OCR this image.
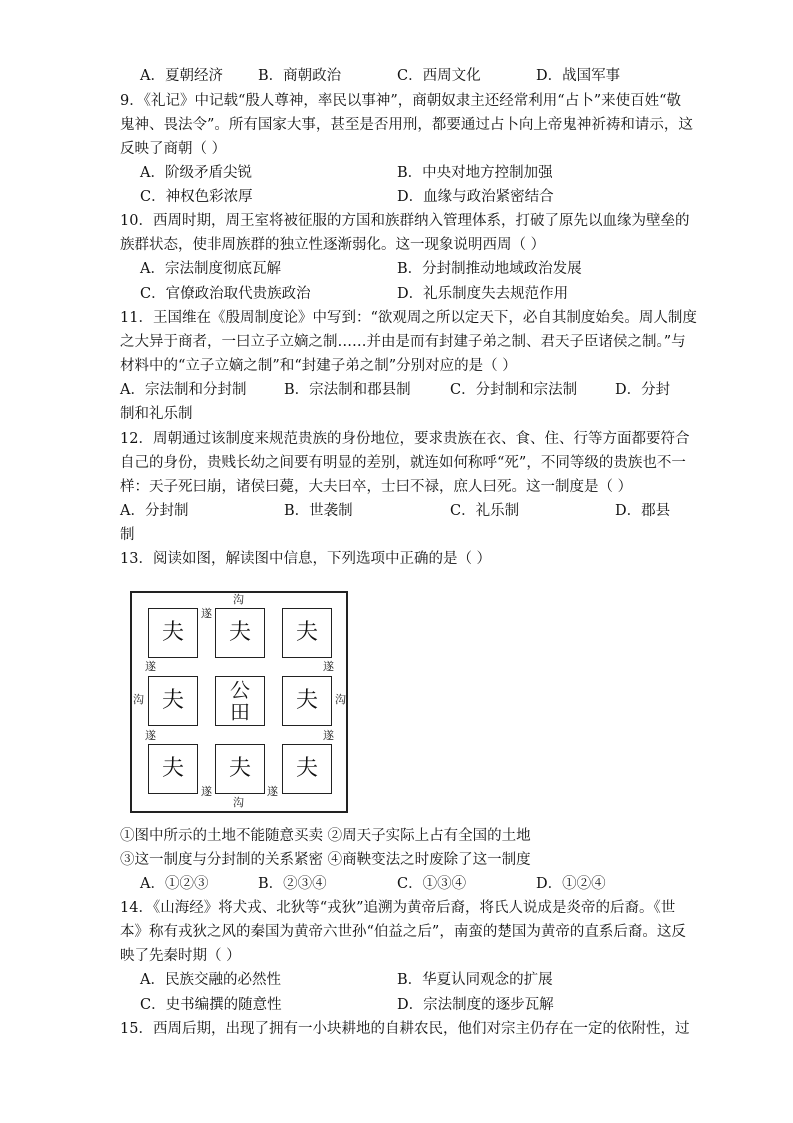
A．夏朝经济 B．商朝政治	C．西周文化	D．战国军事
9．《礼记》中记载“殷人尊神，率民以事神”，商朝奴隶主还经常利用“占卜”来使百姓“敬
鬼神、畏法令”。所有国家大事，甚至是否用刑，都要通过占卜向上帝鬼神祈祷和请示，这
反映了商朝（ ）
A．阶级矛盾尖锐	B．中央对地方控制加强
C．神权色彩浓厚	D．血缘与政治紧密结合
10．西周时期，周王室将被征服的方国和族群纳入管理体系，打破了原先以血缘为壁垒的
族群状态，使非周族群的独立性逐渐弱化。这一现象说明西周（ ）
A．宗法制度彻底瓦解	B．分封制推动地域政治发展
C．官僚政治取代贵族政治	D．礼乐制度失去规范作用
11．王国维在《殷周制度论》中写到：“欲观周之所以定天下，必自其制度始矣。周人制度
之大异于商者，一曰立子立嫡之制……并由是而有封建子弟之制、君天子臣诸侯之制。”与
材料中的“立子立嫡之制”和“封建子弟之制”分别对应的是（ ）
A．宗法制和分封制	B．宗法制和郡县制	C．分封制和宗法制	D．分封
制和礼乐制
12．周朝通过该制度来规范贵族的身份地位，要求贵族在衣、食、住、行等方面都要符合
自己的身份，贵贱长幼之间要有明显的差别，就连如何称呼“死”，不同等级的贵族也不一
样：天子死曰崩，诸侯曰薨，大夫曰卒，士曰不禄，庶人曰死。这一制度是（ ）
A．分封制	B．世袭制	C．礼乐制	D．郡县
制
13．阅读如图，解读图中信息，下列选项中正确的是（ ）
夫	夫	夫
夫	公
田	夫
夫	夫	夫
沟
沟
沟	沟
遂
遂	遂
遂	遂
遂	遂
①图中所示的土地不能随意买卖 ②周天子实际上占有全国的土地
③这一制度与分封制的关系紧密 ④商鞅变法之时废除了这一制度
A．①②③	B．②③④	C．①③④	D．①②④
14．《山海经》将犬戎、北狄等“戎狄”追溯为黄帝后裔，将氏人说成是炎帝的后裔。《世
本》称有戎狄之风的秦国为黄帝六世孙“伯益之后”，南蛮的楚国为黄帝的直系后裔。这反
映了先秦时期（ ）
A．民族交融的必然性	B．华夏认同观念的扩展
C．史书编撰的随意性	D．宗法制度的逐步瓦解
15．西周后期，出现了拥有一小块耕地的自耕农民，他们对宗主仍存在一定的依附性，过
